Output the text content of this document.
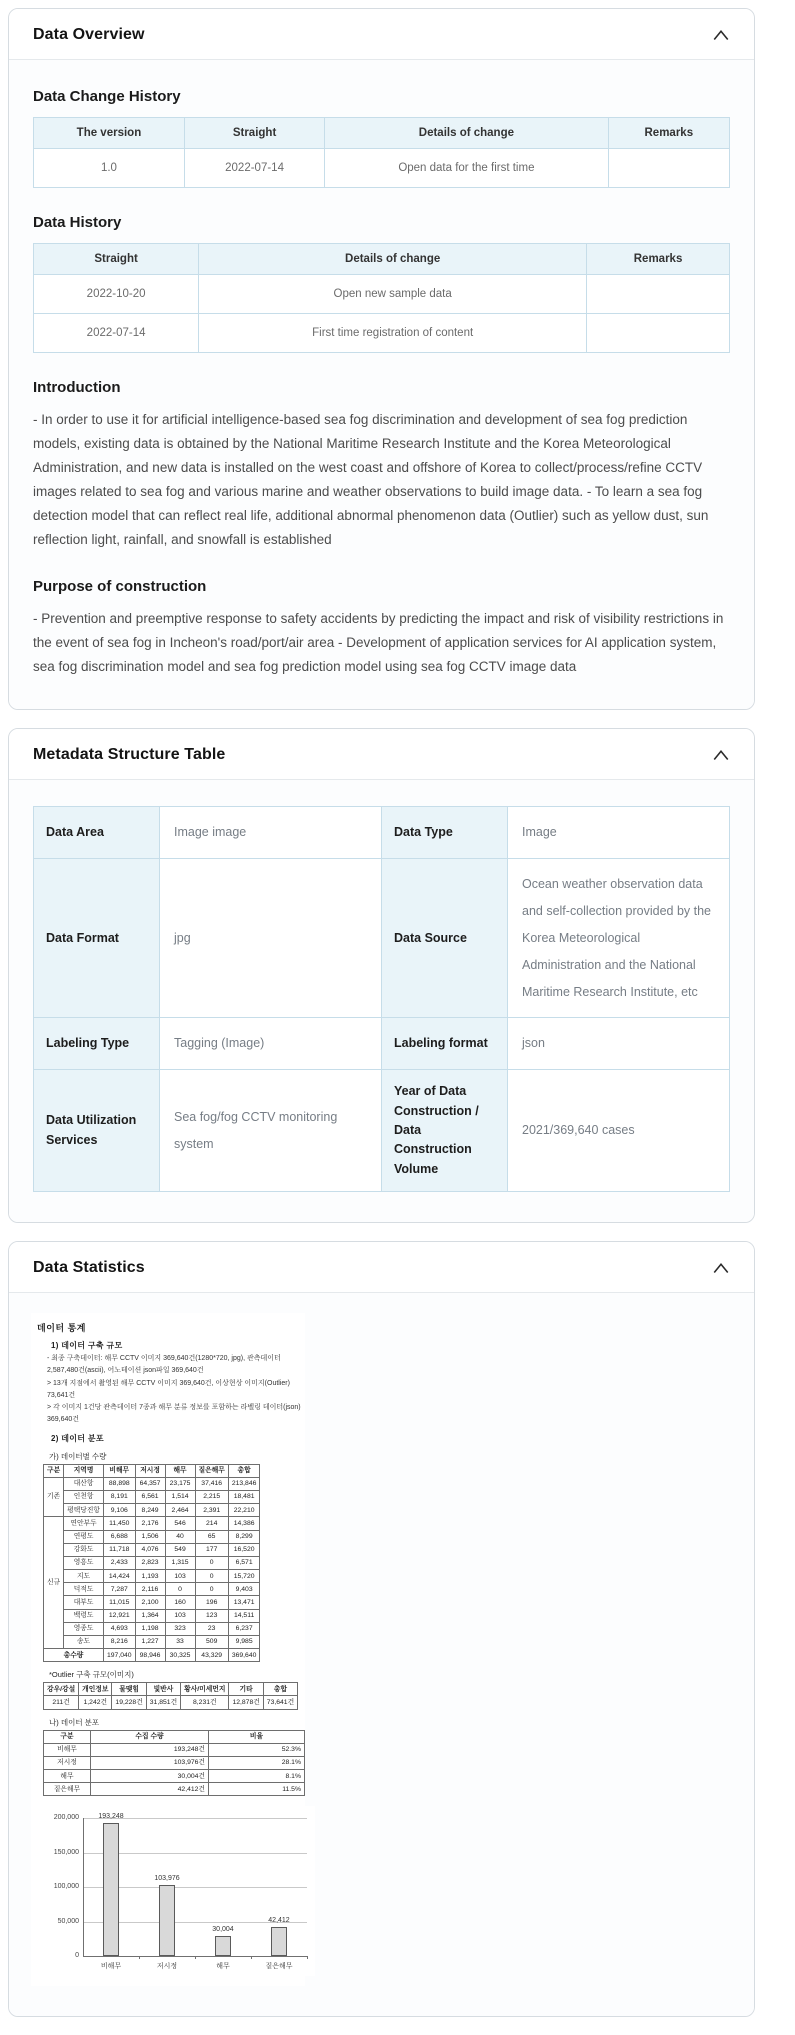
Data Overview
Data Change History
The version	Straight	Details of change	Remarks
1.0	2022-07-14	Open data for the first time	
Data History
Straight	Details of change	Remarks
2022-10-20	Open new sample data	
2022-07-14	First time registration of content	
Introduction

- In order to use it for artificial intelligence-based sea fog discrimination and development of sea fog prediction models, existing data is obtained by the National Maritime Research Institute and the Korea Meteorological Administration, and new data is installed on the west coast and offshore of Korea to collect/process/refine CCTV images related to sea fog and various marine and weather observations to build image data. - To learn a sea fog detection model that can reflect real life, additional abnormal phenomenon data (Outlier) such as yellow dust, sun reflection light, rainfall, and snowfall is established

Purpose of construction

- Prevention and preemptive response to safety accidents by predicting the impact and risk of visibility restrictions in the event of sea fog in Incheon's road/port/air area - Development of application services for AI application system, sea fog discrimination model and sea fog prediction model using sea fog CCTV image data

Metadata Structure Table
Data Area	Image image	Data Type	Image
Data Format	jpg	Data Source	Ocean weather observation data and self-collection provided by the Korea Meteorological Administration and the National Maritime Research Institute, etc
Labeling Type	Tagging (Image)	Labeling format	json
Data Utilization Services	Sea fog/fog CCTV monitoring system	Year of Data Construction / Data Construction Volume	2021/369,640 cases
Data Statistics
데이터 통계
1) 데이터 구축 규모
- 최종 구축데이터: 해무 CCTV 이미지 369,640건(1280*720, jpg), 관측데이터 2,587,480건(ascii), 어노테이션 json파일 369,640건
> 13개 지점에서 촬영된 해무 CCTV 이미지 369,640건, 이상현상 이미지(Outlier) 73,641건
> 각 이미지 1건당 관측데이터 7종과 해무 분류 정보를 포함하는 라벨링 데이터(json) 369,640건
2) 데이터 분포
가) 데이터별 수량
구분	지역명	비해무	저시정	해무	짙은해무	총합
기존	대산항	88,898	64,357	23,175	37,416	213,846
	인천항	8,191	6,561	1,514	2,215	18,481
	평택당진항	9,106	8,249	2,464	2,391	22,210
신규	연안부두	11,450	2,176	546	214	14,386
	연평도	6,688	1,506	40	65	8,299
	강화도	11,718	4,076	549	177	16,520
	영흥도	2,433	2,823	1,315	0	6,571
	지도	14,424	1,193	103	0	15,720
	덕적도	7,287	2,116	0	0	9,403
	대부도	11,015	2,100	160	196	13,471
	백령도	12,921	1,364	103	123	14,511
	영종도	4,693	1,198	323	23	6,237
	송도	8,216	1,227	33	509	9,985
총수량		197,040	98,946	30,325	43,329	369,640
*Outlier 구축 규모(이미지)
강우/강설	개인정보	물맺힘	빛반사	황사/미세먼지	기타	총합
211건	1,242건	19,228건	31,851건	8,231건	12,878건	73,641건
나) 데이터 분포
구분	수집 수량	비율
비해무	193,248건	52.3%
저시정	103,976건	28.1%
해무	30,004건	8.1%
짙은해무	42,412건	11.5%
0
50,000
100,000
150,000
200,000	193,248
비해무
103,976
저시정
30,004
해무
42,412
짙은해무
